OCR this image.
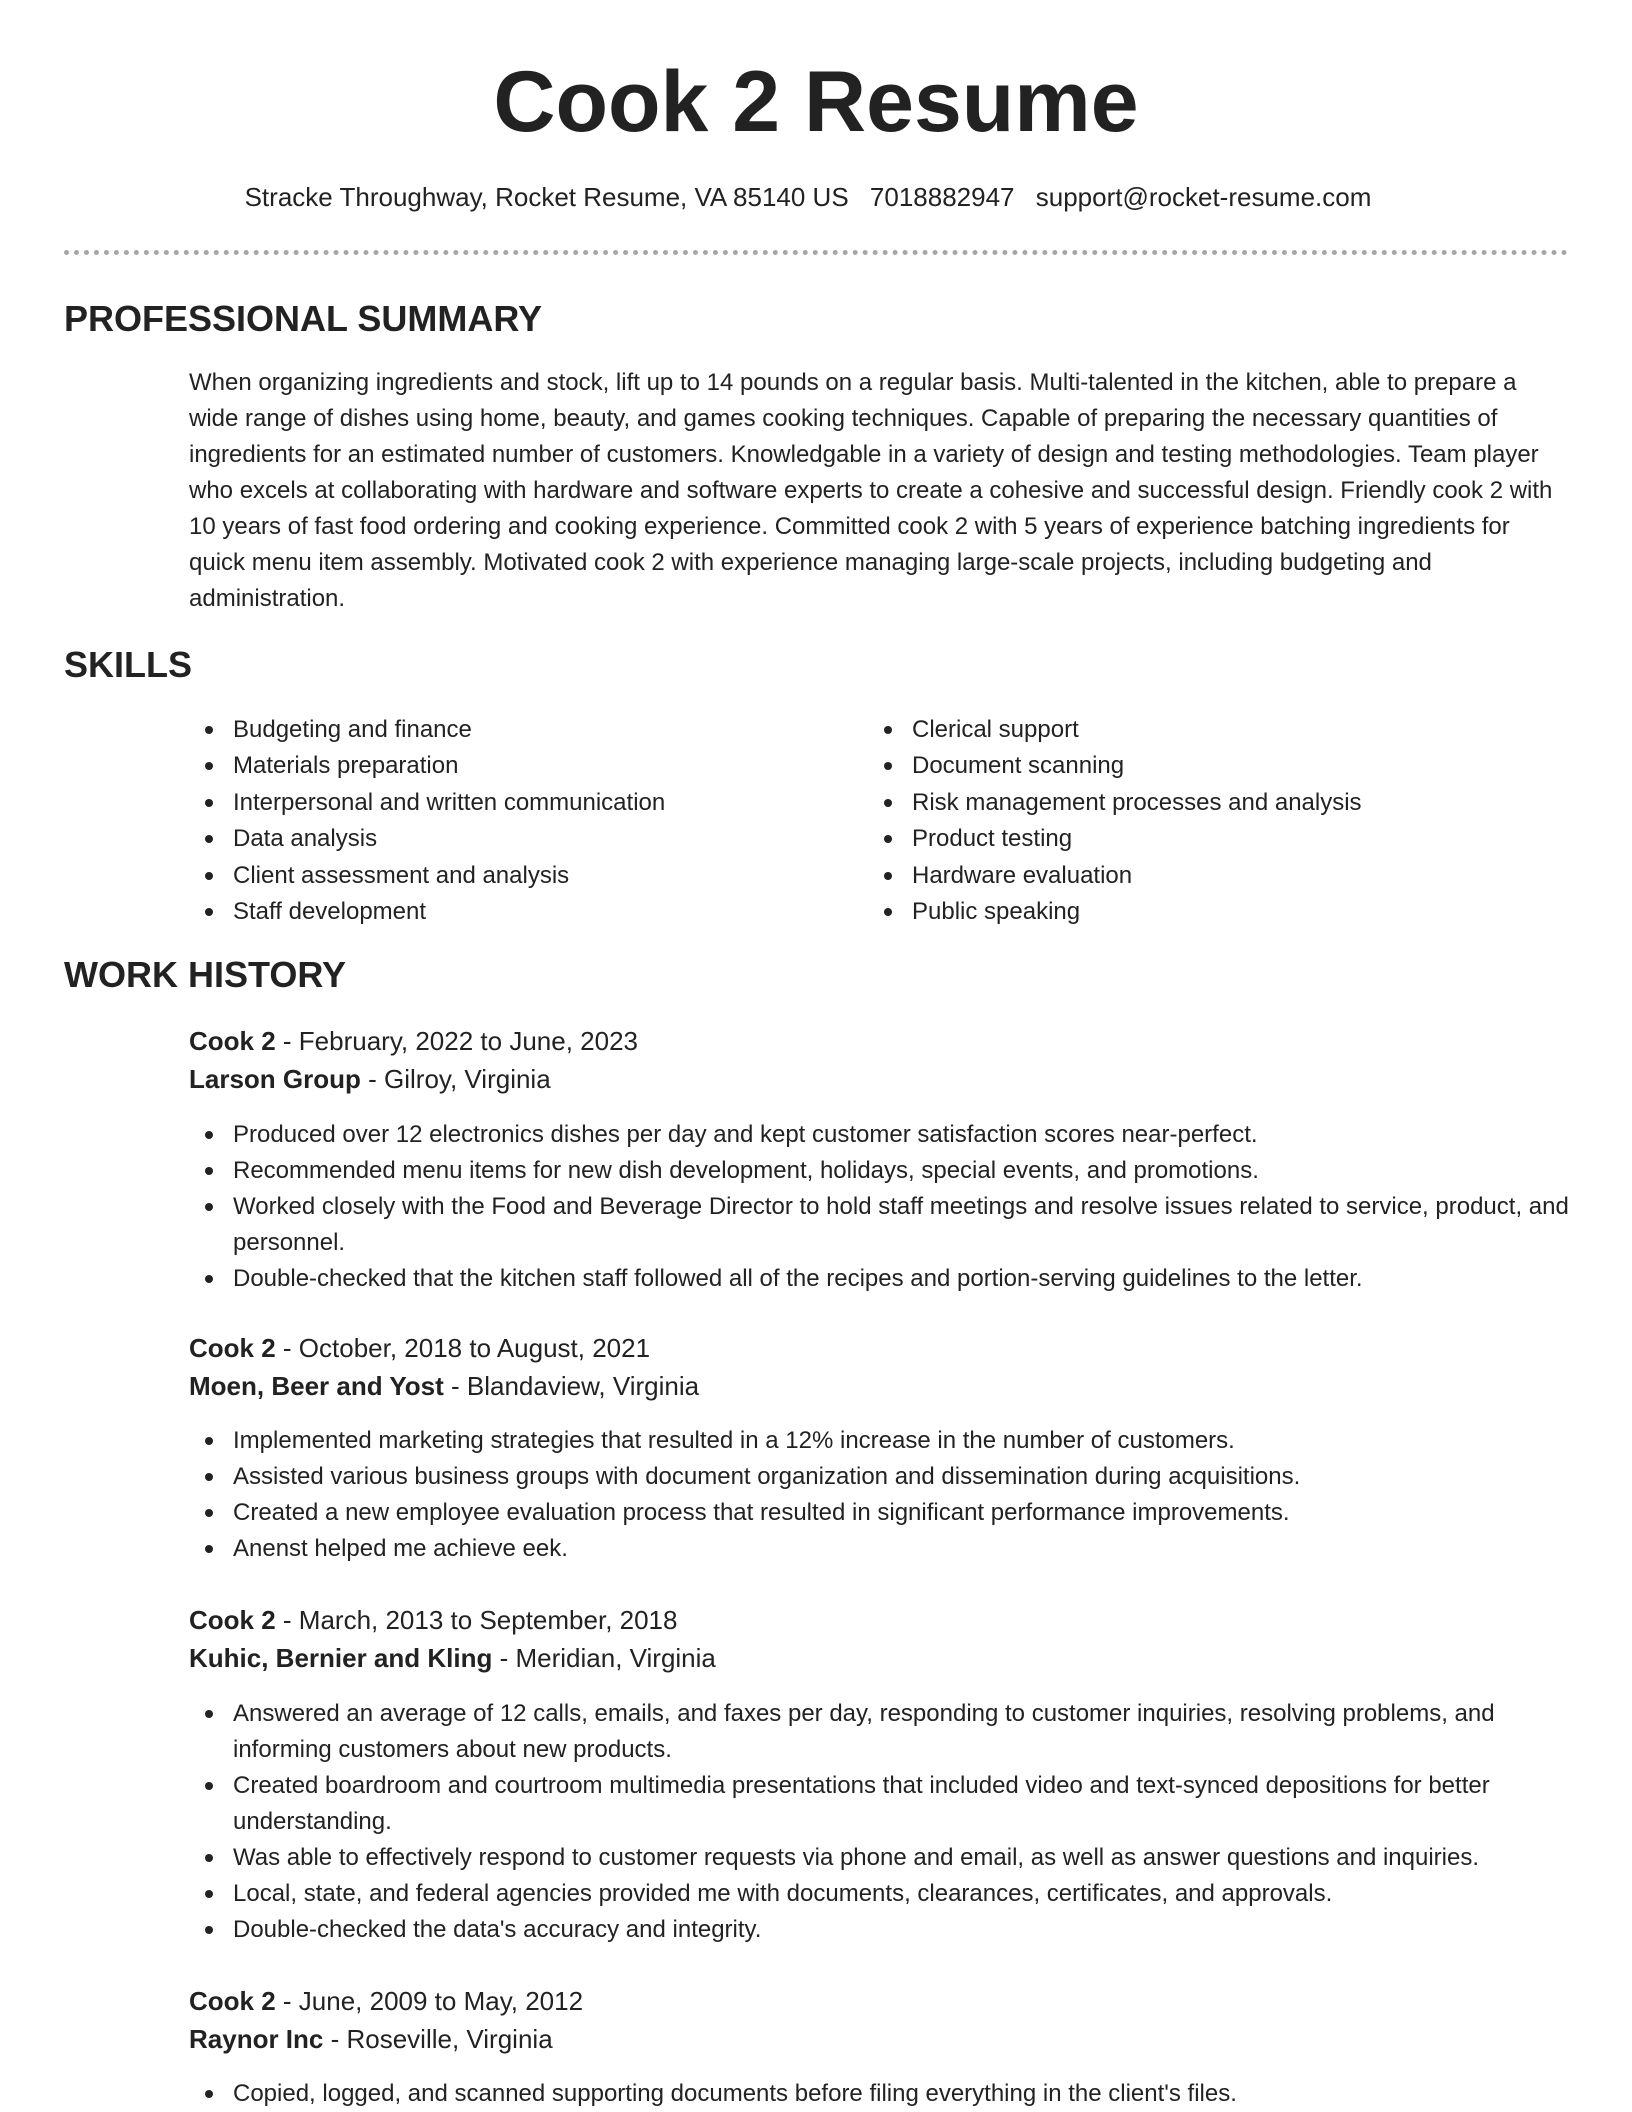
Cook 2 Resume
Stracke Throughway, Rocket Resume, VA 85140 US 7018882947 support@rocket-resume.com
PROFESSIONAL SUMMARY

When organizing ingredients and stock, lift up to 14 pounds on a regular basis. Multi-talented in the kitchen, able to prepare a wide range of dishes using home, beauty, and games cooking techniques. Capable of preparing the necessary quantities of ingredients for an estimated number of customers. Knowledgable in a variety of design and testing methodologies. Team player who excels at collaborating with hardware and software experts to create a cohesive and successful design. Friendly cook 2 with 10 years of fast food ordering and cooking experience. Committed cook 2 with 5 years of experience batching ingredients for quick menu item assembly. Motivated cook 2 with experience managing large-scale projects, including budgeting and administration.

SKILLS
Budgeting and finance
Materials preparation
Interpersonal and written communication
Data analysis
Client assessment and analysis
Staff development
Clerical support
Document scanning
Risk management processes and analysis
Product testing
Hardware evaluation
Public speaking
WORK HISTORY
Cook 2 - February, 2022 to June, 2023
Larson Group - Gilroy, Virginia
Produced over 12 electronics dishes per day and kept customer satisfaction scores near-perfect.
Recommended menu items for new dish development, holidays, special events, and promotions.
Worked closely with the Food and Beverage Director to hold staff meetings and resolve issues related to service, product, and personnel.
Double-checked that the kitchen staff followed all of the recipes and portion-serving guidelines to the letter.
Cook 2 - October, 2018 to August, 2021
Moen, Beer and Yost - Blandaview, Virginia
Implemented marketing strategies that resulted in a 12% increase in the number of customers.
Assisted various business groups with document organization and dissemination during acquisitions.
Created a new employee evaluation process that resulted in significant performance improvements.
Anenst helped me achieve eek.
Cook 2 - March, 2013 to September, 2018
Kuhic, Bernier and Kling - Meridian, Virginia
Answered an average of 12 calls, emails, and faxes per day, responding to customer inquiries, resolving problems, and informing customers about new products.
Created boardroom and courtroom multimedia presentations that included video and text-synced depositions for better understanding.
Was able to effectively respond to customer requests via phone and email, as well as answer questions and inquiries.
Local, state, and federal agencies provided me with documents, clearances, certificates, and approvals.
Double-checked the data's accuracy and integrity.
Cook 2 - June, 2009 to May, 2012
Raynor Inc - Roseville, Virginia
Copied, logged, and scanned supporting documents before filing everything in the client's files.
